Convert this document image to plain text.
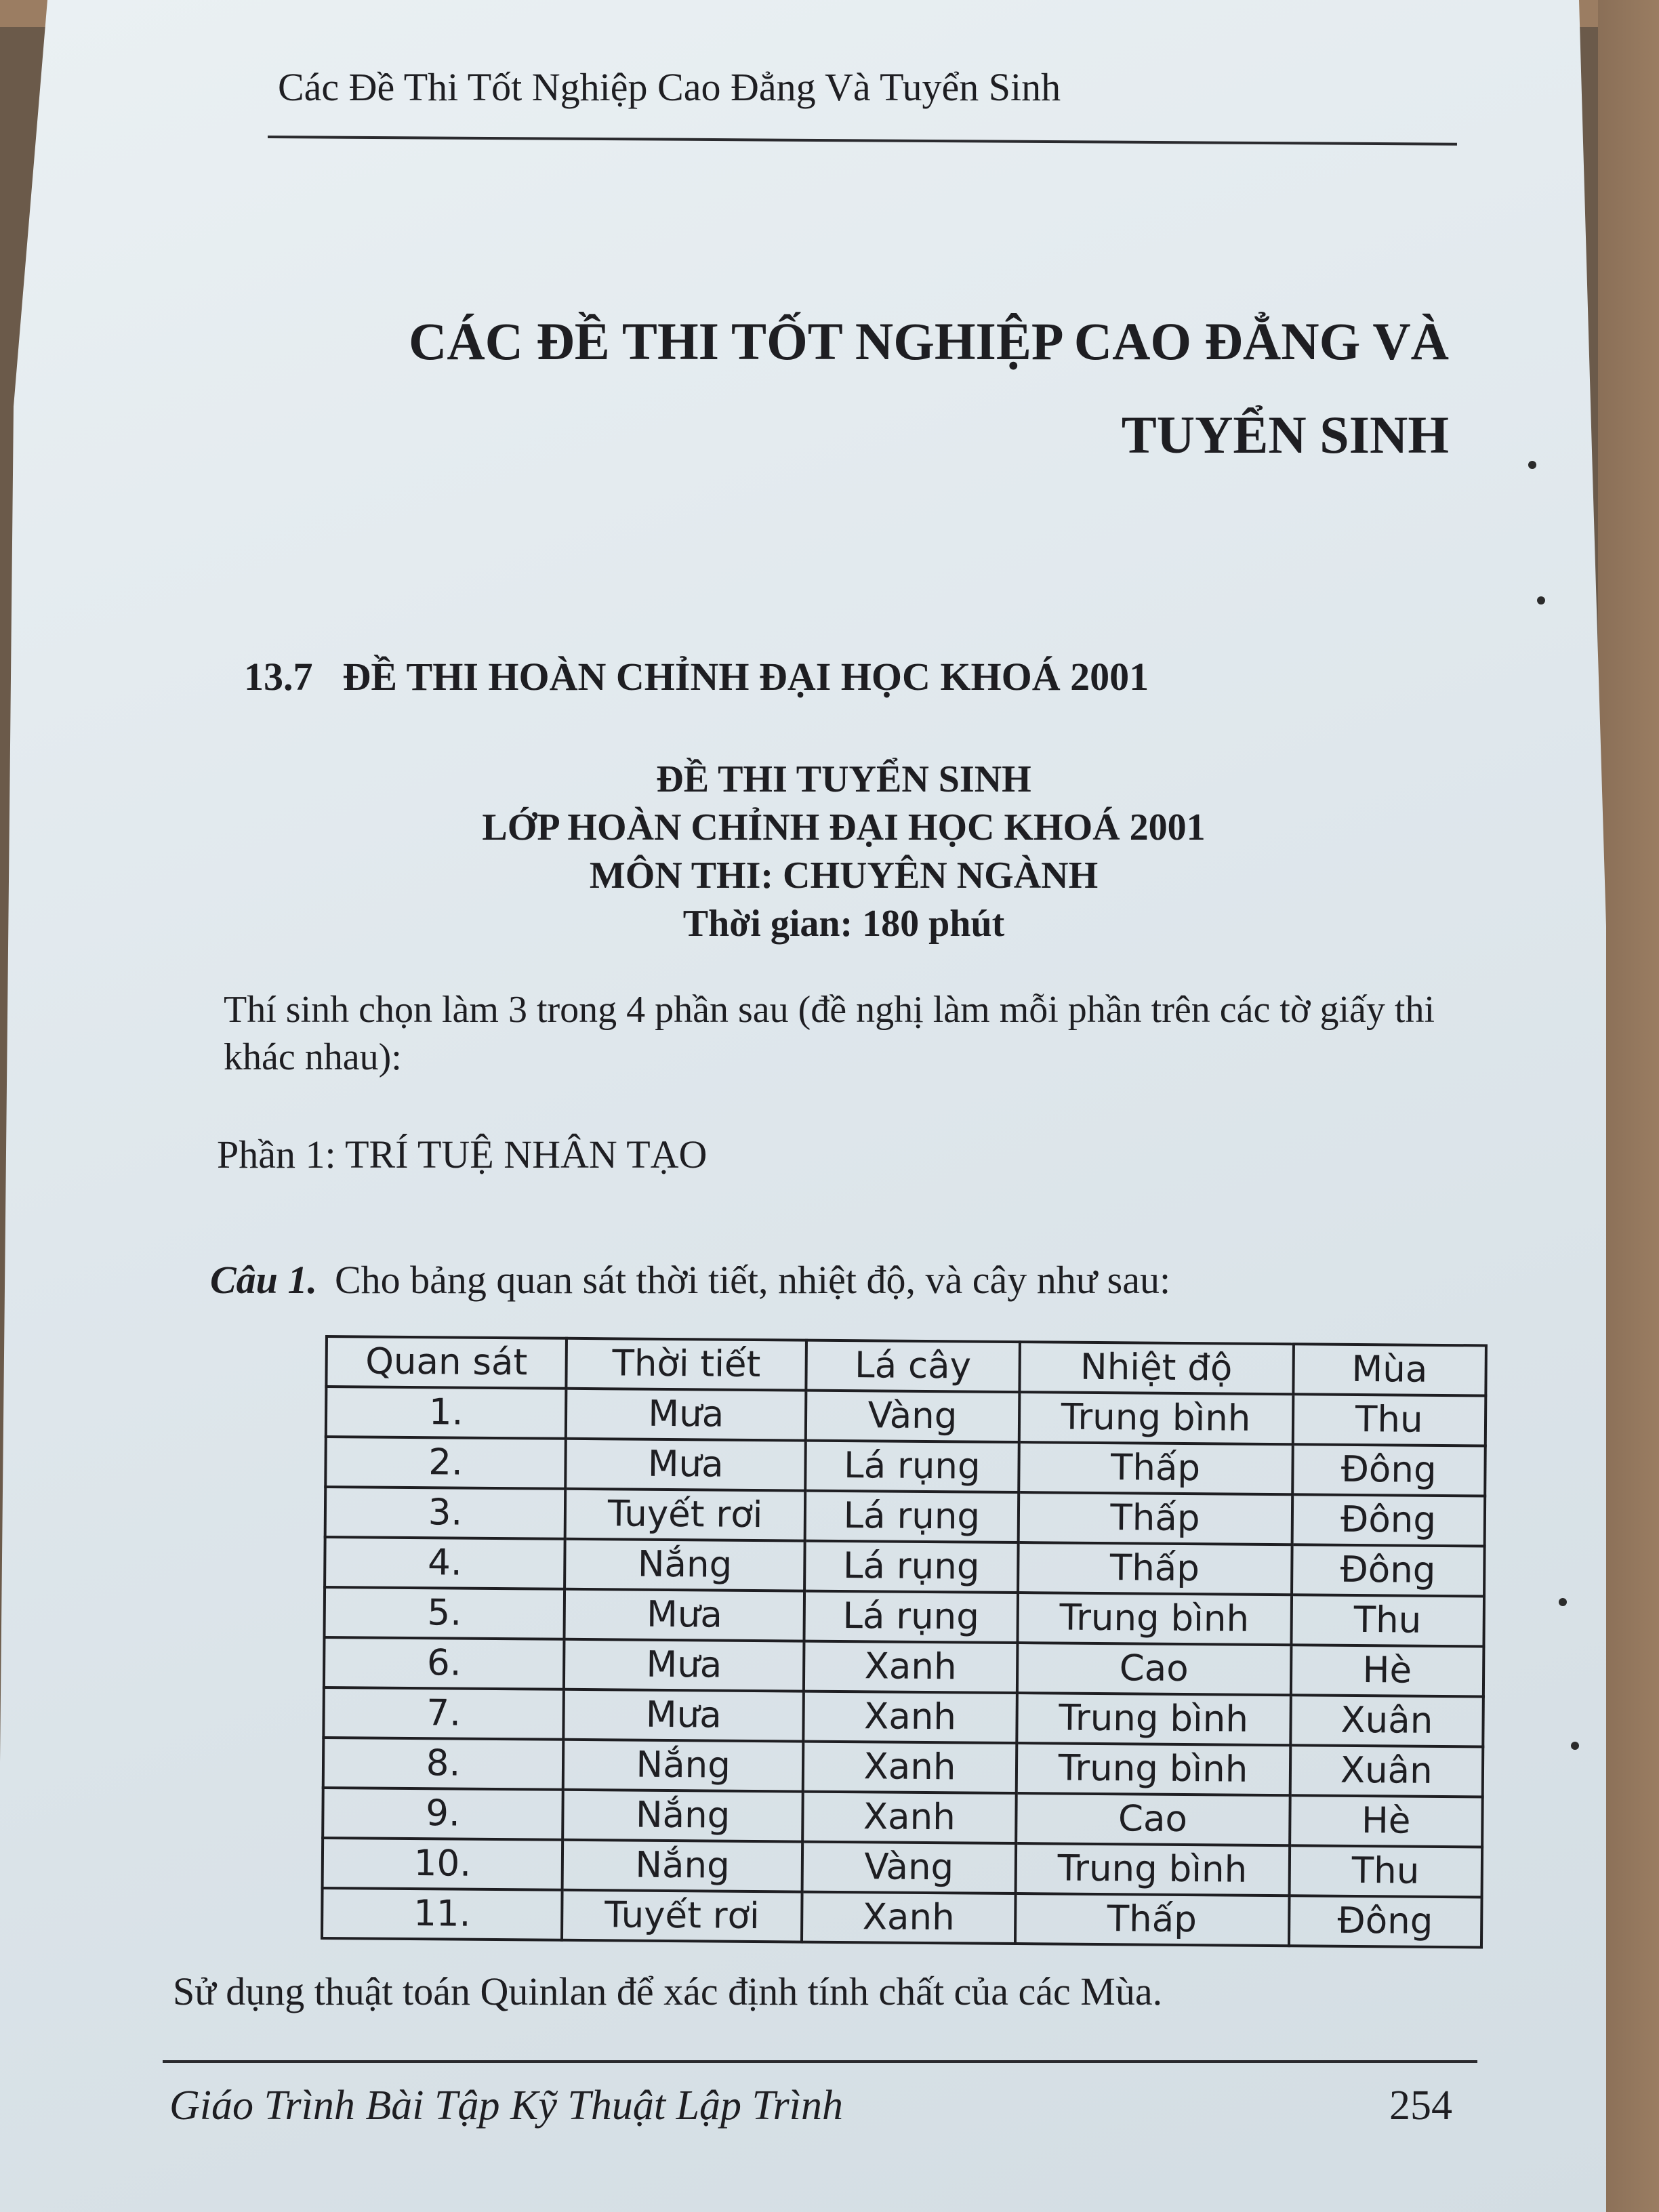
Các Đề Thi Tốt Nghiệp Cao Đẳng Và Tuyển Sinh
CÁC ĐỀ THI TỐT NGHIỆP CAO ĐẲNG VÀ
TUYỂN SINH
13.7 ĐỀ THI HOÀN CHỈNH ĐẠI HỌC KHOÁ 2001
ĐỀ THI TUYỂN SINH
LỚP HOÀN CHỈNH ĐẠI HỌC KHOÁ 2001
MÔN THI: CHUYÊN NGÀNH
Thời gian: 180 phút
Thí sinh chọn làm 3 trong 4 phần sau (đề nghị làm mỗi phần trên các tờ giấy thi khác nhau):
Phần 1: TRÍ TUỆ NHÂN TẠO
Câu 1. Cho bảng quan sát thời tiết, nhiệt độ, và cây như sau:
Quan sát	Thời tiết	Lá cây	Nhiệt độ	Mùa
1.	Mưa	Vàng	Trung bình	Thu
2.	Mưa	Lá rụng	Thấp	Đông
3.	Tuyết rơi	Lá rụng	Thấp	Đông
4.	Nắng	Lá rụng	Thấp	Đông
5.	Mưa	Lá rụng	Trung bình	Thu
6.	Mưa	Xanh	Cao	Hè
7.	Mưa	Xanh	Trung bình	Xuân
8.	Nắng	Xanh	Trung bình	Xuân
9.	Nắng	Xanh	Cao	Hè
10.	Nắng	Vàng	Trung bình	Thu
11.	Tuyết rơi	Xanh	Thấp	Đông
Sử dụng thuật toán Quinlan để xác định tính chất của các Mùa.
Giáo Trình Bài Tập Kỹ Thuật Lập Trình	254
